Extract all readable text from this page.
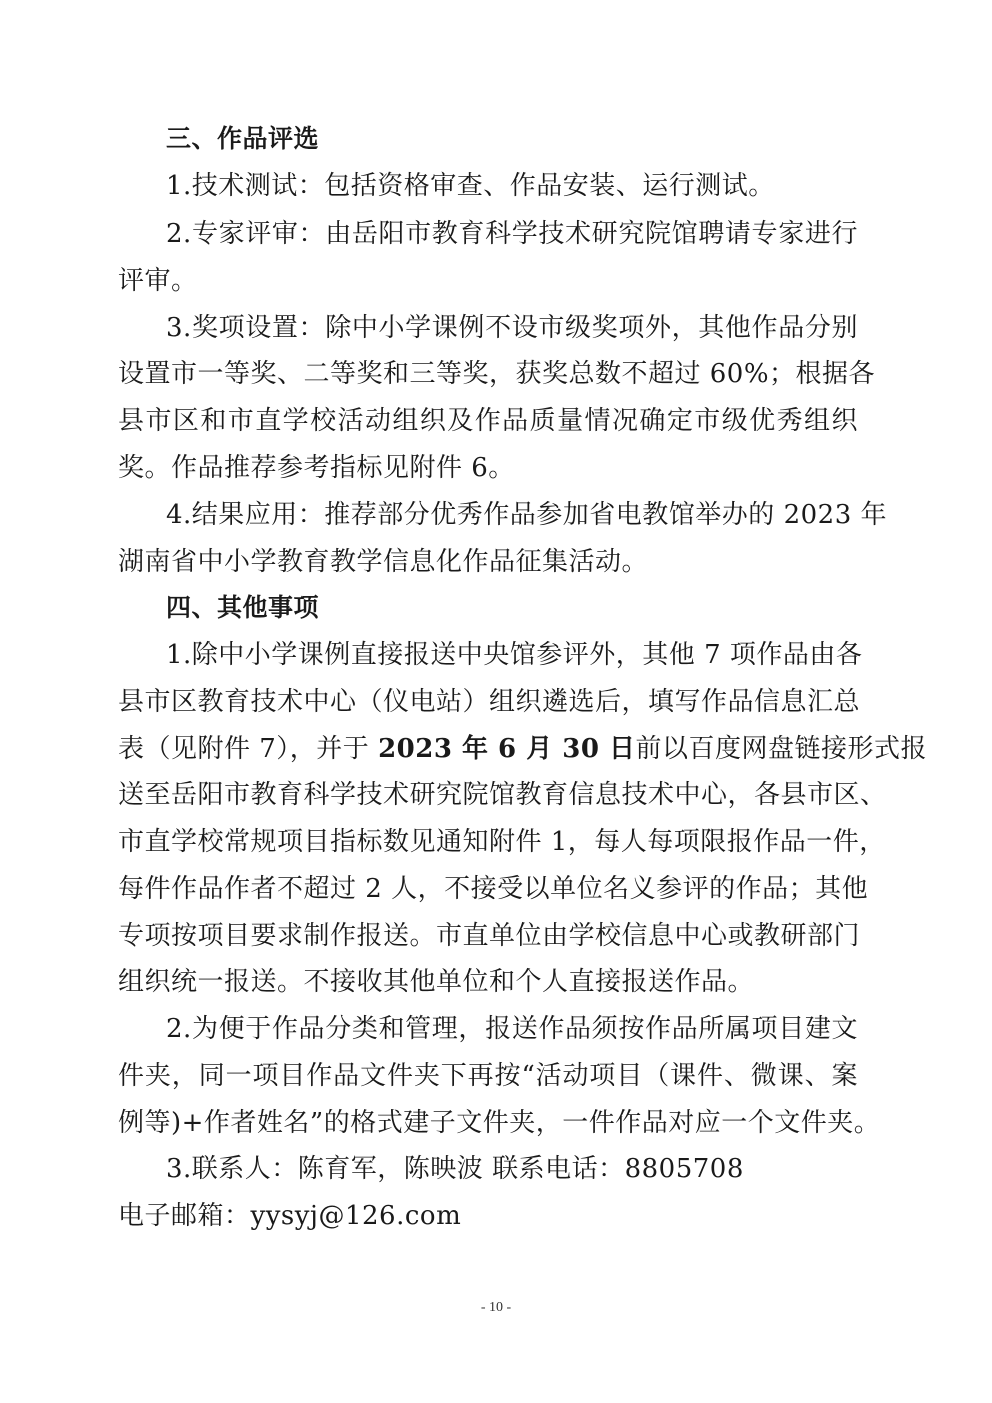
三、作品评选
1.技术测试：包括资格审查、作品安装、运行测试。
2.专家评审：由岳阳市教育科学技术研究院馆聘请专家进行
评审。
3.奖项设置：除中小学课例不设市级奖项外，其他作品分别
设置市一等奖、二等奖和三等奖，获奖总数不超过 60%；根据各
县市区和市直学校活动组织及作品质量情况确定市级优秀组织
奖。作品推荐参考指标见附件 6。
4.结果应用：推荐部分优秀作品参加省电教馆举办的 2023 年
湖南省中小学教育教学信息化作品征集活动。
四、其他事项
1.除中小学课例直接报送中央馆参评外，其他 7 项作品由各
县市区教育技术中心（仪电站）组织遴选后，填写作品信息汇总
表（见附件 7），并于 2023 年 6 月 30 日前以百度网盘链接形式报
送至岳阳市教育科学技术研究院馆教育信息技术中心，各县市区、
市直学校常规项目指标数见通知附件 1，每人每项限报作品一件，
每件作品作者不超过 2 人，不接受以单位名义参评的作品；其他
专项按项目要求制作报送。市直单位由学校信息中心或教研部门
组织统一报送。不接收其他单位和个人直接报送作品。
2.为便于作品分类和管理，报送作品须按作品所属项目建文
件夹，同一项目作品文件夹下再按“活动项目（课件、微课、案
例等)+作者姓名”的格式建子文件夹，一件作品对应一个文件夹。
3.联系人：陈育军，陈映波 联系电话：8805708
电子邮箱：yysyj@126.com
- 10 -
